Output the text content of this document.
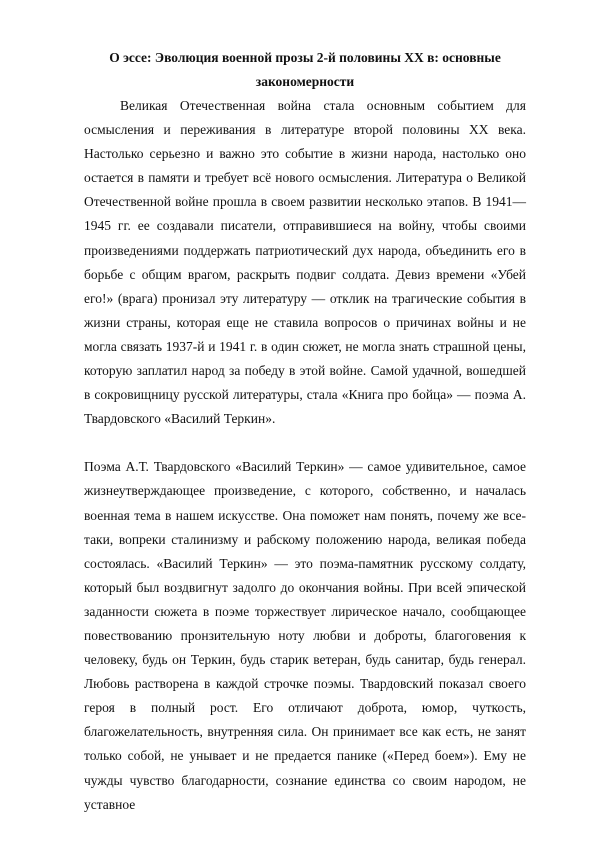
О эссе: Эволюция военной прозы 2-й половины XX в: основные закономерности

Великая Отечественная война стала основным событием для осмысления и переживания в литературе второй половины XX века. Настолько серьезно и важно это событие в жизни народа, настолько оно остается в памяти и требует всё нового осмысления. Литература о Великой Отечественной войне прошла в своем развитии несколько этапов. В 1941—1945 гг. ее создавали писатели, отправившиеся на войну, чтобы своими произведениями поддержать патриотический дух народа, объединить его в борьбе с общим врагом, раскрыть подвиг солдата. Девиз времени «Убей его!» (врага) пронизал эту литературу — отклик на трагические события в жизни страны, которая еще не ставила вопросов о причинах войны и не могла связать 1937-й и 1941 г. в один сюжет, не могла знать страшной цены, которую заплатил народ за победу в этой войне. Самой удачной, вошедшей в сокровищницу русской литературы, стала «Книга про бойца» — поэма А. Твардовского «Василий Теркин».

Поэма А.Т. Твардовского «Василий Теркин» — самое удивительное, самое жизнеутверждающее произведение, с которого, собственно, и началась военная тема в нашем искусстве. Она поможет нам понять, почему же все-таки, вопреки сталинизму и рабскому положению народа, великая победа состоялась. «Василий Теркин» — это поэма-памятник русскому солдату, который был воздвигнут задолго до окончания войны. При всей эпической заданности сюжета в поэме торжествует лирическое начало, сообщающее повествованию пронзительную ноту любви и доброты, благоговения к человеку, будь он Теркин, будь старик ветеран, будь санитар, будь генерал. Любовь растворена в каждой строчке поэмы. Твардовский показал своего героя в полный рост. Его отличают доброта, юмор, чуткость, благожелательность, внутренняя сила. Он принимает все как есть, не занят только собой, не унывает и не предается панике («Перед боем»). Ему не чужды чувство благодарности, сознание единства со своим народом, не уставное
